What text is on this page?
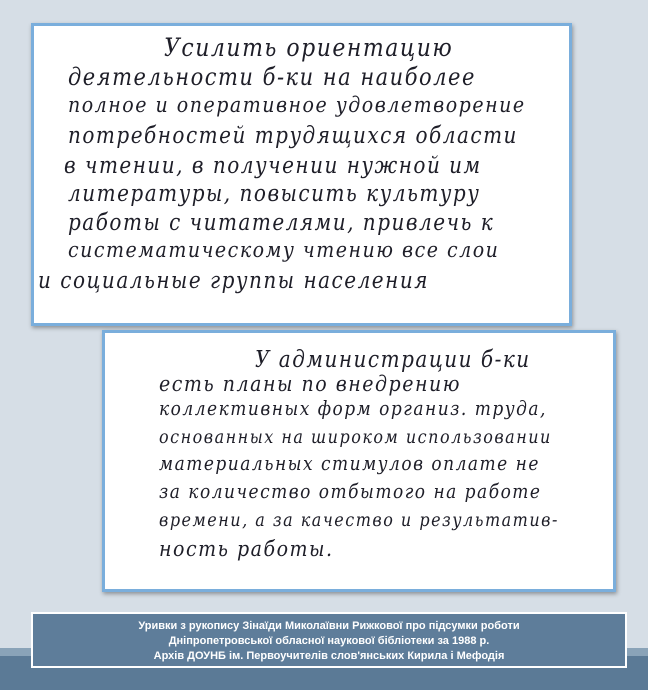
Усилить ориентацию
деятельности б-ки на наиболее
полное и оперативное удовлетворение
потребностей трудящихся области
в чтении, в получении нужной им
литературы, повысить культуру
работы с читателями, привлечь к
систематическому чтению все слои
и социальные группы населения
У администрации б-ки
есть планы по внедрению
коллективных форм организ. труда,
основанных на широком использовании
материальных стимулов оплате не
за количество отбытого на работе
времени, а за качество и результатив-
ность работы.
Уривки з рукопису Зінаїди Миколаївни Рижкової про підсумки роботи
Дніпропетровської обласної наукової бібліотеки за 1988 р.
Архів ДОУНБ ім. Первоучителів слов'янських Кирила і Мефодія
